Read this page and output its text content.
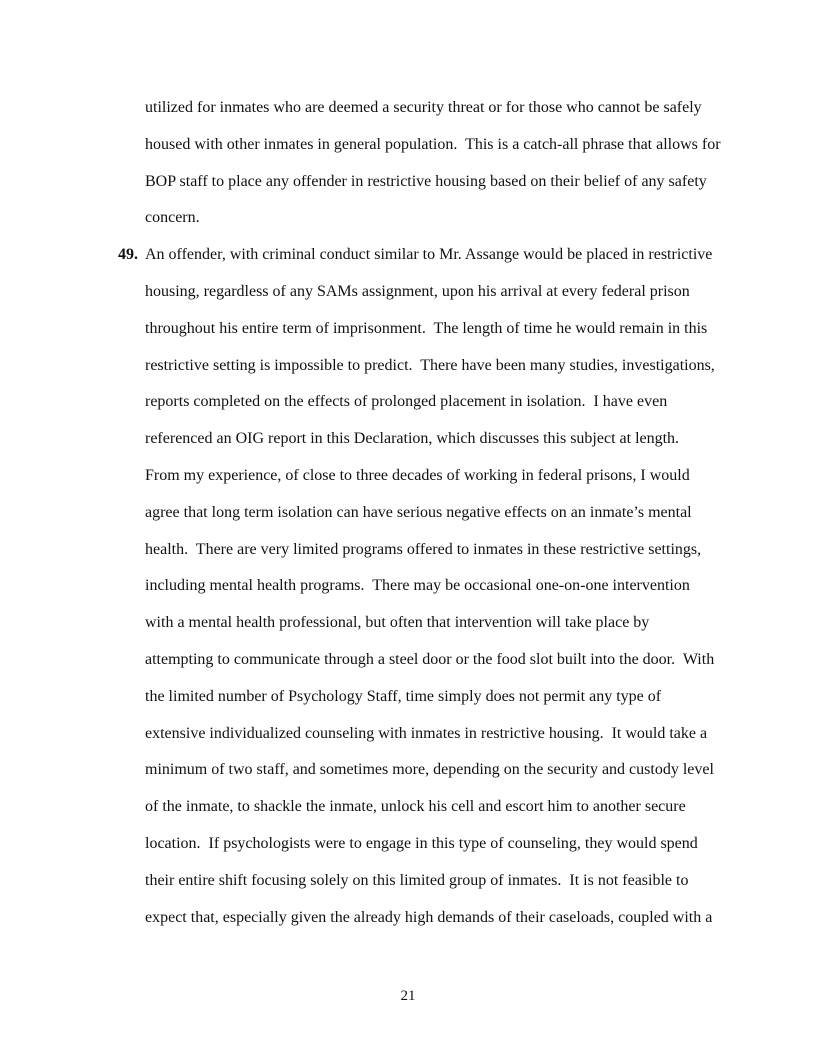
utilized for inmates who are deemed a security threat or for those who cannot be safely
housed with other inmates in general population.  This is a catch-all phrase that allows for
BOP staff to place any offender in restrictive housing based on their belief of any safety
concern.
49. An offender, with criminal conduct similar to Mr. Assange would be placed in restrictive
housing, regardless of any SAMs assignment, upon his arrival at every federal prison
throughout his entire term of imprisonment.  The length of time he would remain in this
restrictive setting is impossible to predict.  There have been many studies, investigations,
reports completed on the effects of prolonged placement in isolation.  I have even
referenced an OIG report in this Declaration, which discusses this subject at length.
From my experience, of close to three decades of working in federal prisons, I would
agree that long term isolation can have serious negative effects on an inmate’s mental
health.  There are very limited programs offered to inmates in these restrictive settings,
including mental health programs.  There may be occasional one-on-one intervention
with a mental health professional, but often that intervention will take place by
attempting to communicate through a steel door or the food slot built into the door.  With
the limited number of Psychology Staff, time simply does not permit any type of
extensive individualized counseling with inmates in restrictive housing.  It would take a
minimum of two staff, and sometimes more, depending on the security and custody level
of the inmate, to shackle the inmate, unlock his cell and escort him to another secure
location.  If psychologists were to engage in this type of counseling, they would spend
their entire shift focusing solely on this limited group of inmates.  It is not feasible to
expect that, especially given the already high demands of their caseloads, coupled with a
21
